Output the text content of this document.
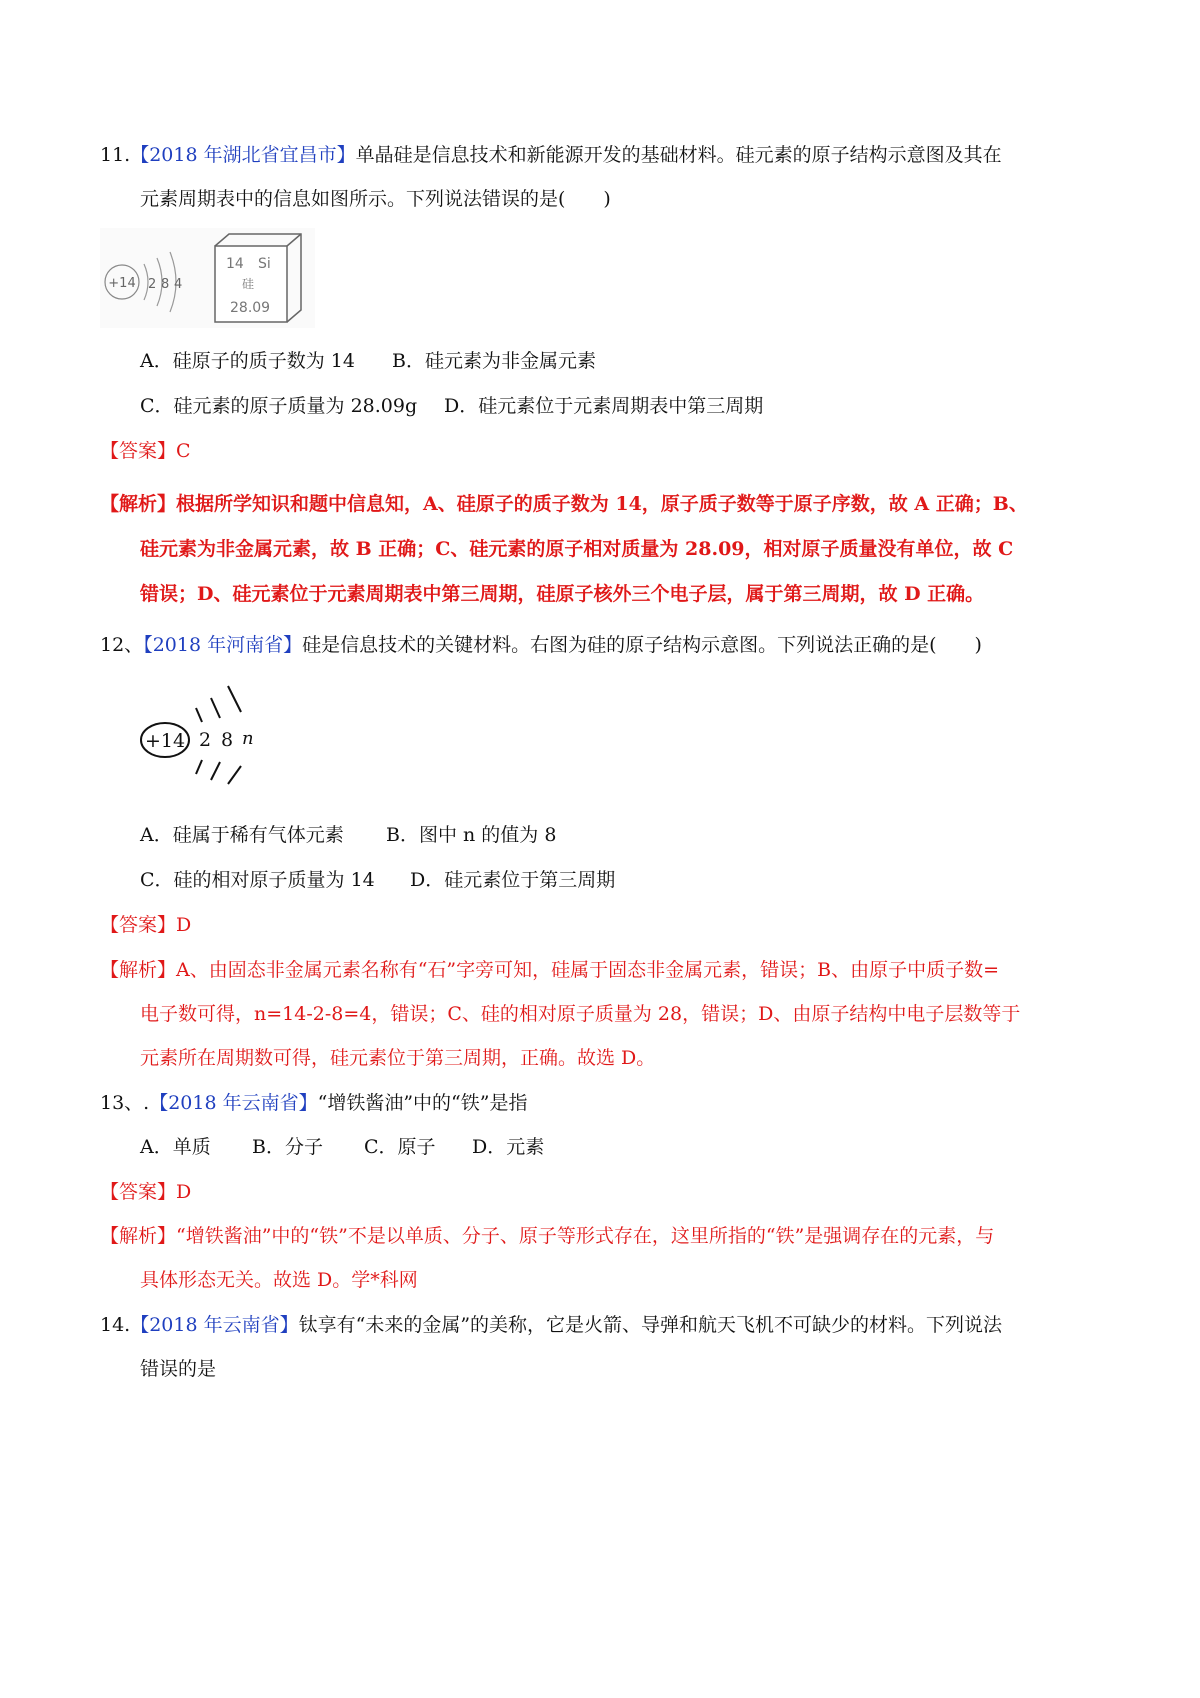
11.【2018 年湖北省宜昌市】单晶硅是信息技术和新能源开发的基础材料。硅元素的原子结构示意图及其在
元素周期表中的信息如图所示。下列说法错误的是(　　)
+14 2 8 4
14 Si
硅
28.09
A．硅原子的质子数为 14 B．硅元素为非金属元素
C．硅元素的原子质量为 28.09g D．硅元素位于元素周期表中第三周期
【答案】C
【解析】根据所学知识和题中信息知，A、硅原子的质子数为 14，原子质子数等于原子序数，故 A 正确；B、
硅元素为非金属元素，故 B 正确；C、硅元素的原子相对质量为 28.09，相对原子质量没有单位，故 C
错误；D、硅元素位于元素周期表中第三周期，硅原子核外三个电子层，属于第三周期，故 D 正确。
12、【2018 年河南省】硅是信息技术的关键材料。右图为硅的原子结构示意图。下列说法正确的是(　　)
+14 2 8 n
A．硅属于稀有气体元素 B．图中 n 的值为 8
C．硅的相对原子质量为 14 D．硅元素位于第三周期
【答案】D
【解析】A、由固态非金属元素名称有“石”字旁可知，硅属于固态非金属元素，错误；B、由原子中质子数=
电子数可得，n=14-2-8=4，错误；C、硅的相对原子质量为 28，错误；D、由原子结构中电子层数等于
元素所在周期数可得，硅元素位于第三周期，正确。故选 D。
13、.【2018 年云南省】“增铁酱油”中的“铁”是指
A．单质 B．分子 C．原子 D．元素
【答案】D
【解析】“增铁酱油”中的“铁”不是以单质、分子、原子等形式存在，这里所指的“铁”是强调存在的元素，与
具体形态无关。故选 D。学*科网
14.【2018 年云南省】钛享有“未来的金属”的美称，它是火箭、导弹和航天飞机不可缺少的材料。下列说法
错误的是
